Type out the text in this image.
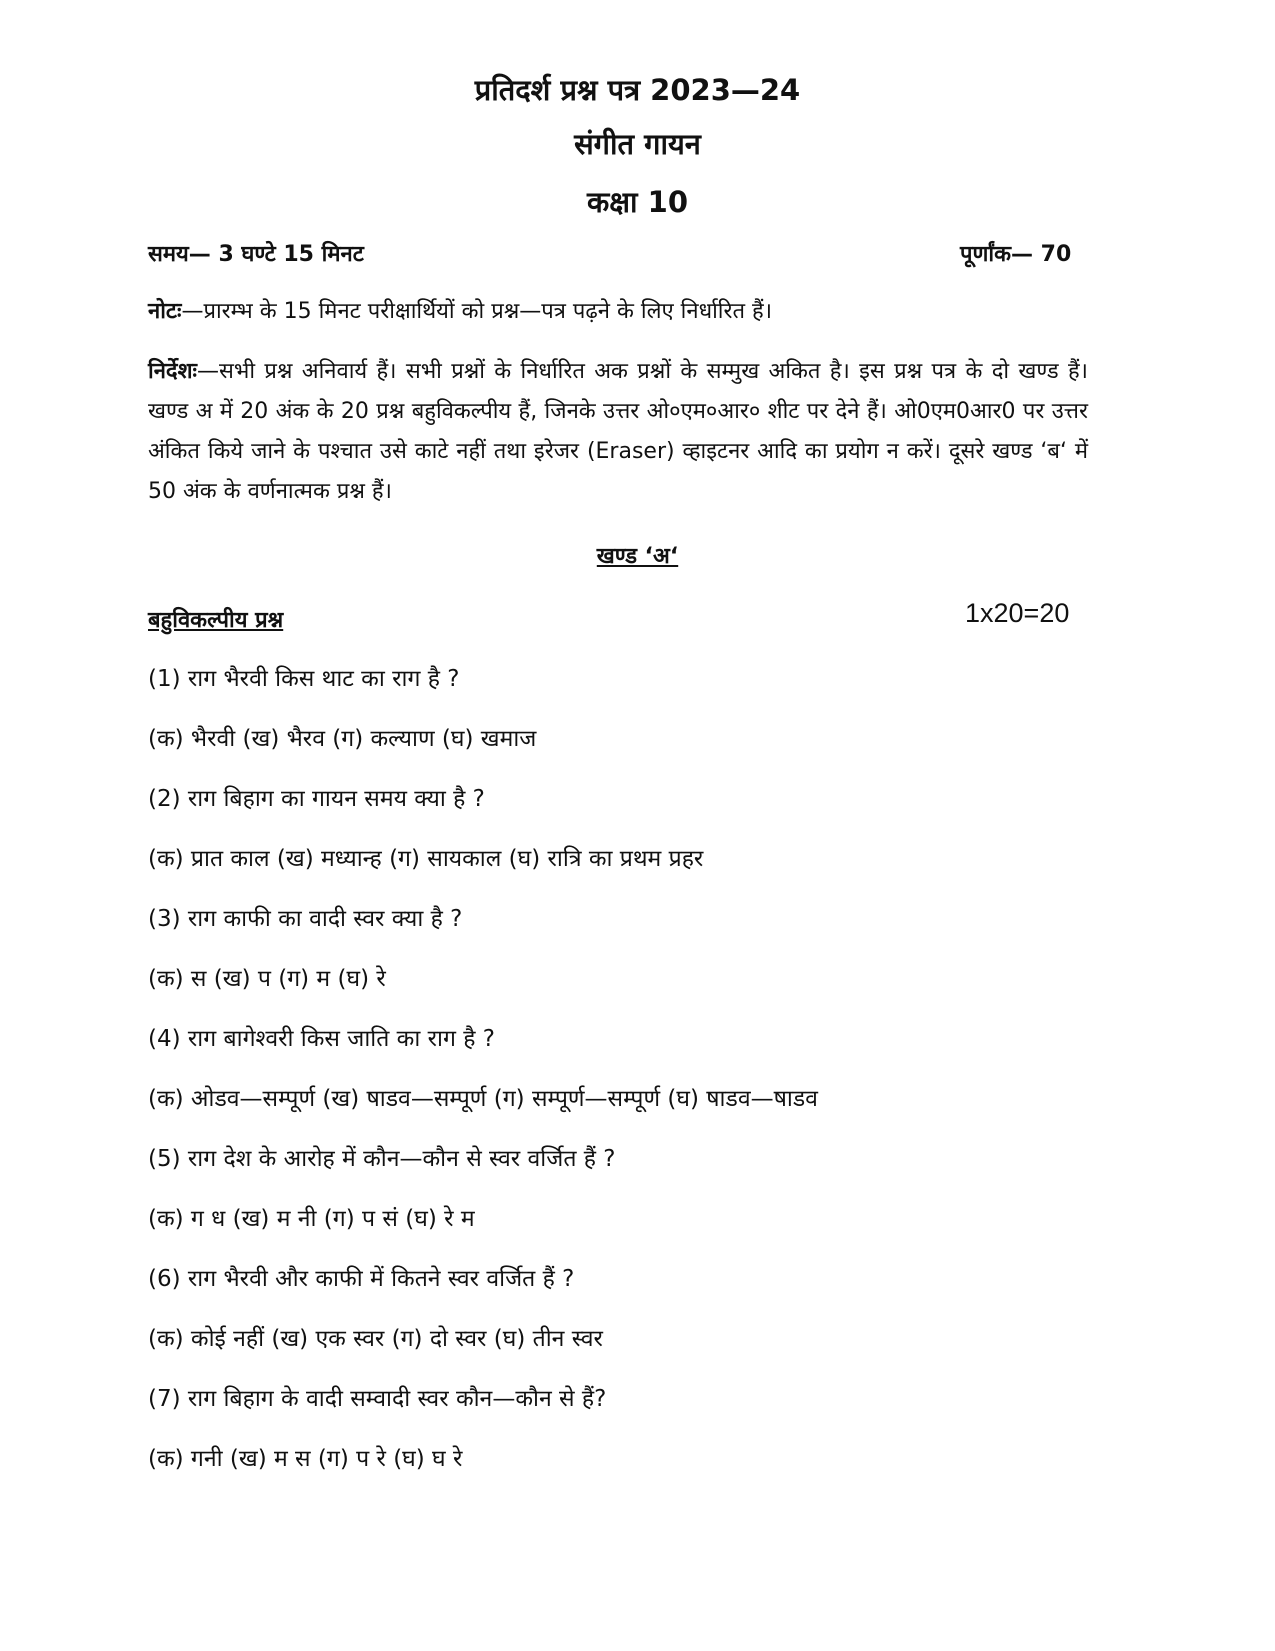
प्रतिदर्श प्रश्न पत्र 2023—24
संगीत गायन
कक्षा 10
समय— 3 घण्टे 15 मिनट	पूर्णांक— 70
नोटः—प्रारम्भ के 15 मिनट परीक्षार्थियों को प्रश्न—पत्र पढ़ने के लिए निर्धारित हैं।
निर्देशः—सभी प्रश्न अनिवार्य हैं। सभी प्रश्नों के निर्धारित अक प्रश्नों के सम्मुख अकित है। इस प्रश्न पत्र के दो खण्ड हैं। खण्ड अ में 20 अंक के 20 प्रश्न बहुविकल्पीय हैं, जिनके उत्तर ओ०एम०आर० शीट पर देने हैं। ओ0एम0आर0 पर उत्तर अंकित किये जाने के पश्चात उसे काटे नहीं तथा इरेजर (Eraser) व्हाइटनर आदि का प्रयोग न करें। दूसरे खण्ड ‘ब‘ में 50 अंक के वर्णनात्मक प्रश्न हैं।
खण्ड ‘अ‘
बहुविकल्पीय प्रश्न	1x20=20
(1) राग भैरवी किस थाट का राग है ?
(क) भैरवी (ख) भैरव (ग) कल्याण (घ) खमाज
(2) राग बिहाग का गायन समय क्या है ?
(क) प्रात काल (ख) मध्यान्ह (ग) सायकाल (घ) रात्रि का प्रथम प्रहर
(3) राग काफी का वादी स्वर क्या है ?
(क) स (ख) प (ग) म (घ) रे
(4) राग बागेश्वरी किस जाति का राग है ?
(क) ओडव—सम्पूर्ण (ख) षाडव—सम्पूर्ण (ग) सम्पूर्ण—सम्पूर्ण (घ) षाडव—षाडव
(5) राग देश के आरोह में कौन—कौन से स्वर वर्जित हैं ?
(क) ग ध (ख) म नी (ग) प सं (घ) रे म
(6) राग भैरवी और काफी में कितने स्वर वर्जित हैं ?
(क) कोई नहीं (ख) एक स्वर (ग) दो स्वर (घ) तीन स्वर
(7) राग बिहाग के वादी सम्वादी स्वर कौन—कौन से हैं?
(क) गनी (ख) म स (ग) प रे (घ) घ रे
